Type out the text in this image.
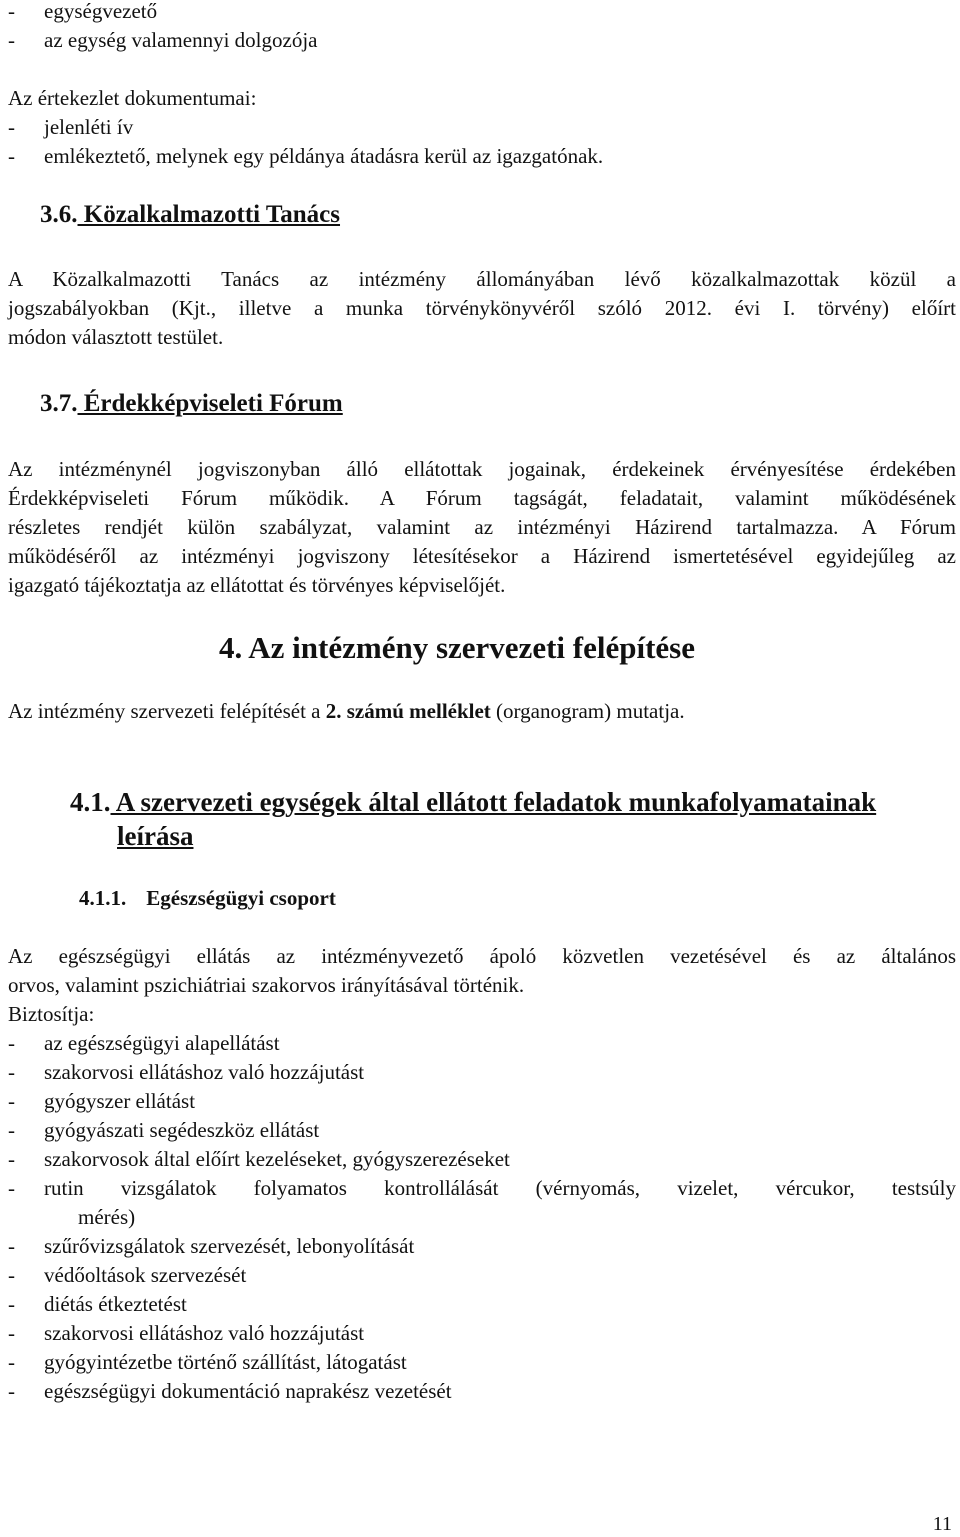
- egységvezető

- az egység valamennyi dolgozója

Az értekezlet dokumentumai:

- jelenléti ív

- emlékeztető, melynek egy példánya átadásra kerül az igazgatónak.

3.6. Közalkalmazotti Tanács

A Közalkalmazotti Tanács az intézmény állományában lévő közalkalmazottak közül a

jogszabályokban (Kjt., illetve a munka törvénykönyvéről szóló 2012. évi I. törvény) előírt

módon választott testület.

3.7. Érdekképviseleti Fórum

Az intézménynél jogviszonyban álló ellátottak jogainak, érdekeinek érvényesítése érdekében

Érdekképviseleti Fórum működik. A Fórum tagságát, feladatait, valamint működésének

részletes rendjét külön szabályzat, valamint az intézményi Házirend tartalmazza. A Fórum

működéséről az intézményi jogviszony létesítésekor a Házirend ismertetésével egyidejűleg az

igazgató tájékoztatja az ellátottat és törvényes képviselőjét.

4. Az intézmény szervezeti felépítése

Az intézmény szervezeti felépítését a 2. számú melléklet (organogram) mutatja.

4.1. A szervezeti egységek által ellátott feladatok munkafolyamatainak

leírása

4.1.1. Egészségügyi csoport

Az egészségügyi ellátás az intézményvezető ápoló közvetlen vezetésével és az általános

orvos, valamint pszichiátriai szakorvos irányításával történik.

Biztosítja:

- az egészségügyi alapellátást

- szakorvosi ellátáshoz való hozzájutást

- gyógyszer ellátást

- gyógyászati segédeszköz ellátást

- szakorvosok által előírt kezeléseket, gyógyszerezéseket

-	rutin vizsgálatok folyamatos kontrollálását (vérnyomás, vizelet, vércukor, testsúly

mérés)

- szűrővizsgálatok szervezését, lebonyolítását

- védőoltások szervezését

- diétás étkeztetést

- szakorvosi ellátáshoz való hozzájutást

- gyógyintézetbe történő szállítást, látogatást

- egészségügyi dokumentáció naprakész vezetését

11
